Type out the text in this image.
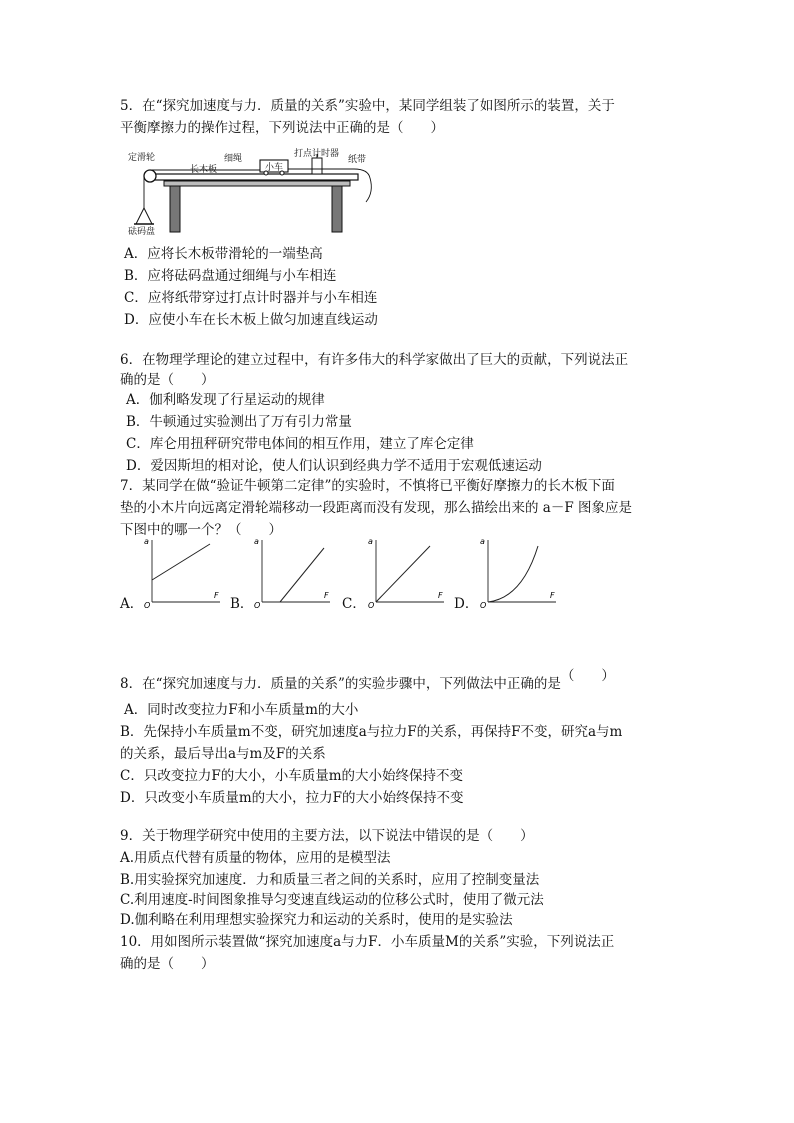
5．在“探究加速度与力．质量的关系”实验中，某同学组装了如图所示的装置，关于
平衡摩擦力的操作过程，下列说法中正确的是（　　）
定滑轮	细绳
小车
打点计时器
纸带
长木板
砝码盘
A．应将长木板带滑轮的一端垫高
B．应将砝码盘通过细绳与小车相连
C．应将纸带穿过打点计时器并与小车相连
D．应使小车在长木板上做匀加速直线运动
6．在物理学理论的建立过程中，有许多伟大的科学家做出了巨大的贡献，下列说法正
确的是（　　）
A．伽利略发现了行星运动的规律
B．牛顿通过实验测出了万有引力常量
C．库仑用扭秤研究带电体间的相互作用，建立了库仑定律
D．爱因斯坦的相对论，使人们认识到经典力学不适用于宏观低速运动
7．某同学在做“验证牛顿第二定律”的实验时，不慎将已平衡好摩擦力的长木板下面
垫的小木片向远离定滑轮端移动一段距离而没有发现，那么描绘出来的 a－F 图象应是
下图中的哪一个？（　　）
A．	B．	C．	D．
a
F
O
a
F
O
a
F
O
a
F
O
8．在“探究加速度与力．质量的关系”的实验步骤中，下列做法中正确的是（　　）
A．同时改变拉力F和小车质量m的大小
B．先保持小车质量m不变，研究加速度a与拉力F的关系，再保持F不变，研究a与m
的关系，最后导出a与m及F的关系
C．只改变拉力F的大小，小车质量m的大小始终保持不变
D．只改变小车质量m的大小，拉力F的大小始终保持不变
9．关于物理学研究中使用的主要方法，以下说法中错误的是（　　）
A.用质点代替有质量的物体，应用的是模型法
B.用实验探究加速度．力和质量三者之间的关系时，应用了控制变量法
C.利用速度-时间图象推导匀变速直线运动的位移公式时，使用了微元法
D.伽利略在利用理想实验探究力和运动的关系时，使用的是实验法
10．用如图所示装置做“探究加速度a与力F．小车质量M的关系”实验，下列说法正
确的是（　　）
